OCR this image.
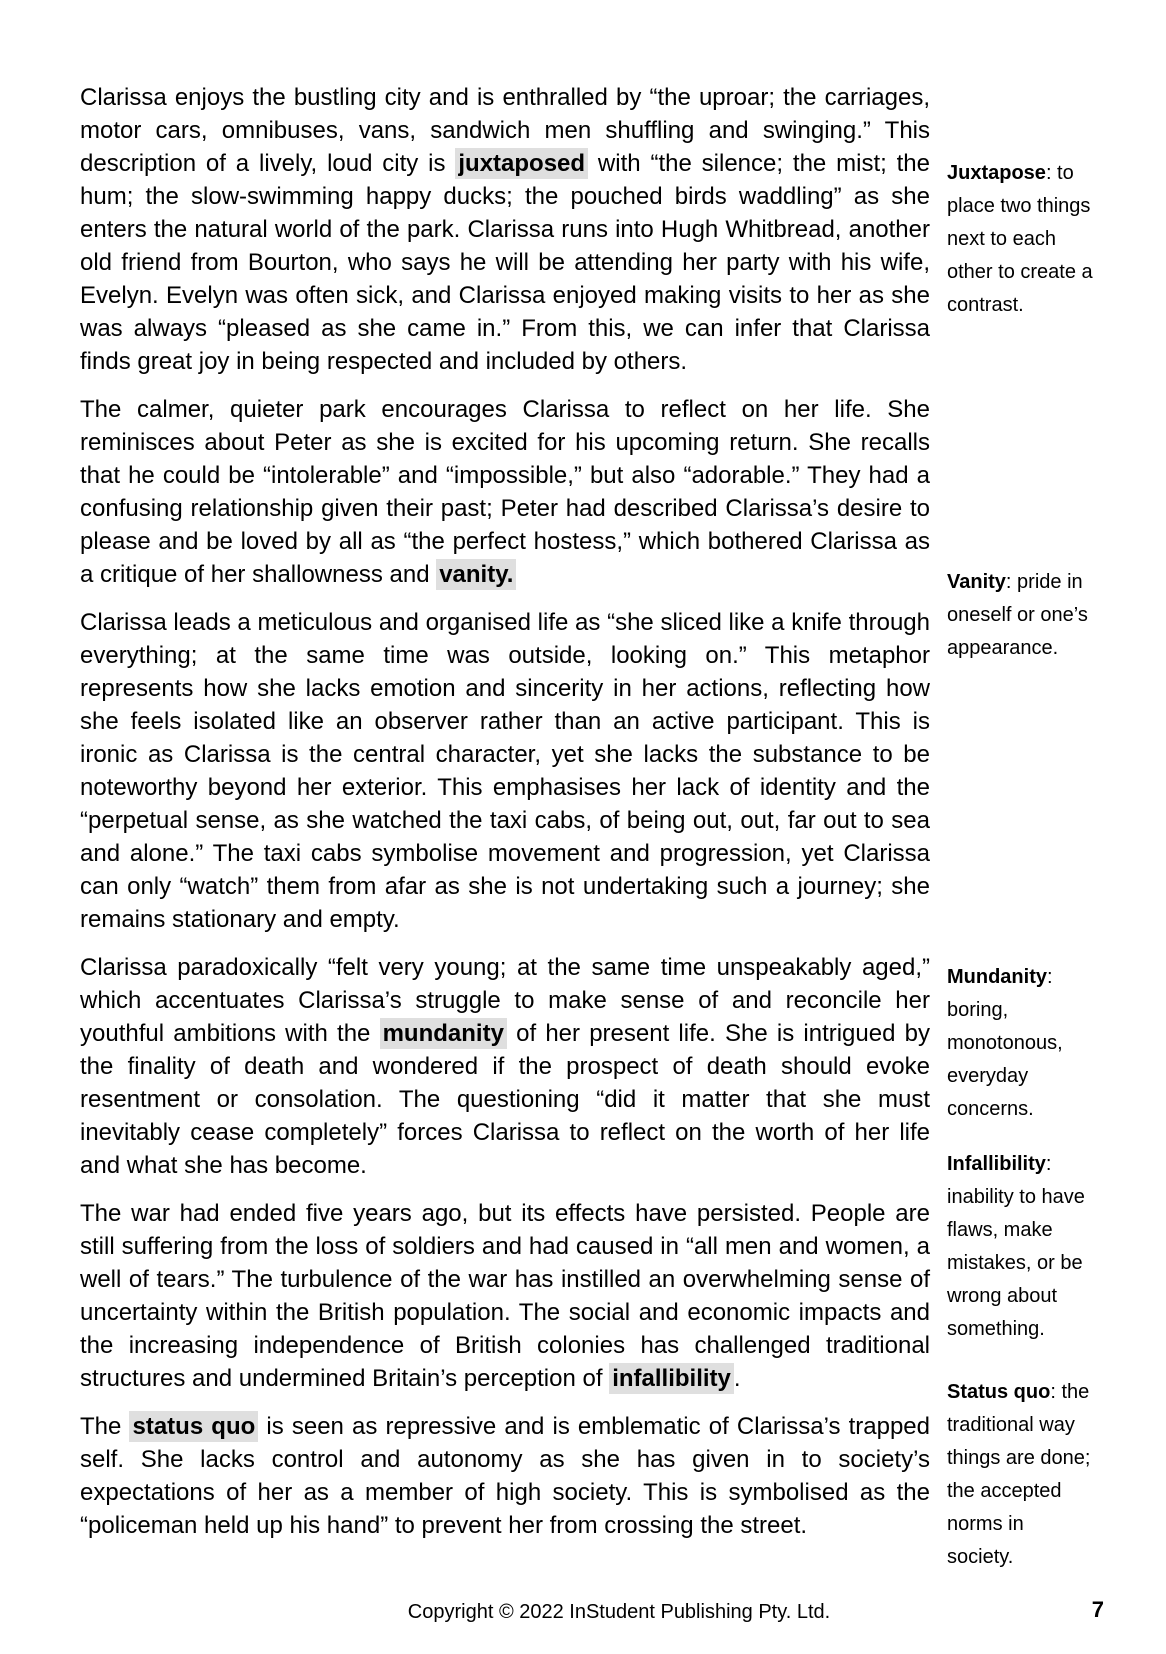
Clarissa enjoys the bustling city and is enthralled by “the uproar; the carriages, motor cars, omnibuses, vans, sandwich men shuffling and swinging.” This description of a lively, loud city is juxtaposed with “the silence; the mist; the hum; the slow-swimming happy ducks; the pouched birds waddling” as she enters the natural world of the park. Clarissa runs into Hugh Whitbread, another old friend from Bourton, who says he will be attending her party with his wife, Evelyn. Evelyn was often sick, and Clarissa enjoyed making visits to her as she was always “pleased as she came in.” From this, we can infer that Clarissa finds great joy in being respected and included by others.

The calmer, quieter park encourages Clarissa to reflect on her life. She reminisces about Peter as she is excited for his upcoming return. She recalls that he could be “intolerable” and “impossible,” but also “adorable.” They had a confusing relationship given their past; Peter had described Clarissa’s desire to please and be loved by all as “the perfect hostess,” which bothered Clarissa as a critique of her shallowness and vanity.

Clarissa leads a meticulous and organised life as “she sliced like a knife through everything; at the same time was outside, looking on.” This metaphor represents how she lacks emotion and sincerity in her actions, reflecting how she feels isolated like an observer rather than an active participant. This is ironic as Clarissa is the central character, yet she lacks the substance to be noteworthy beyond her exterior. This emphasises her lack of identity and the “perpetual sense, as she watched the taxi cabs, of being out, out, far out to sea and alone.” The taxi cabs symbolise movement and progression, yet Clarissa can only “watch” them from afar as she is not undertaking such a journey; she remains stationary and empty.

Clarissa paradoxically “felt very young; at the same time unspeakably aged,” which accentuates Clarissa’s struggle to make sense of and reconcile her youthful ambitions with the mundanity of her present life. She is intrigued by the finality of death and wondered if the prospect of death should evoke resentment or consolation. The questioning “did it matter that she must inevitably cease completely” forces Clarissa to reflect on the worth of her life and what she has become.

The war had ended five years ago, but its effects have persisted. People are still suffering from the loss of soldiers and had caused in “all men and women, a well of tears.” The turbulence of the war has instilled an overwhelming sense of uncertainty within the British population. The social and economic impacts and the increasing independence of British colonies has challenged traditional structures and undermined Britain’s perception of infallibility .

The status quo is seen as repressive and is emblematic of Clarissa’s trapped self. She lacks control and autonomy as she has given in to society’s expectations of her as a member of high society. This is symbolised as the “policeman held up his hand” to prevent her from crossing the street.

Juxtapose: to place two things next to each other to create a contrast.
Vanity: pride in oneself or one’s appearance.
Mundanity: boring, monotonous, everyday concerns.
Infallibility: inability to have flaws, make mistakes, or be wrong about something.
Status quo: the traditional way things are done; the accepted norms in society.
Copyright © 2022 InStudent Publishing Pty. Ltd.	7
